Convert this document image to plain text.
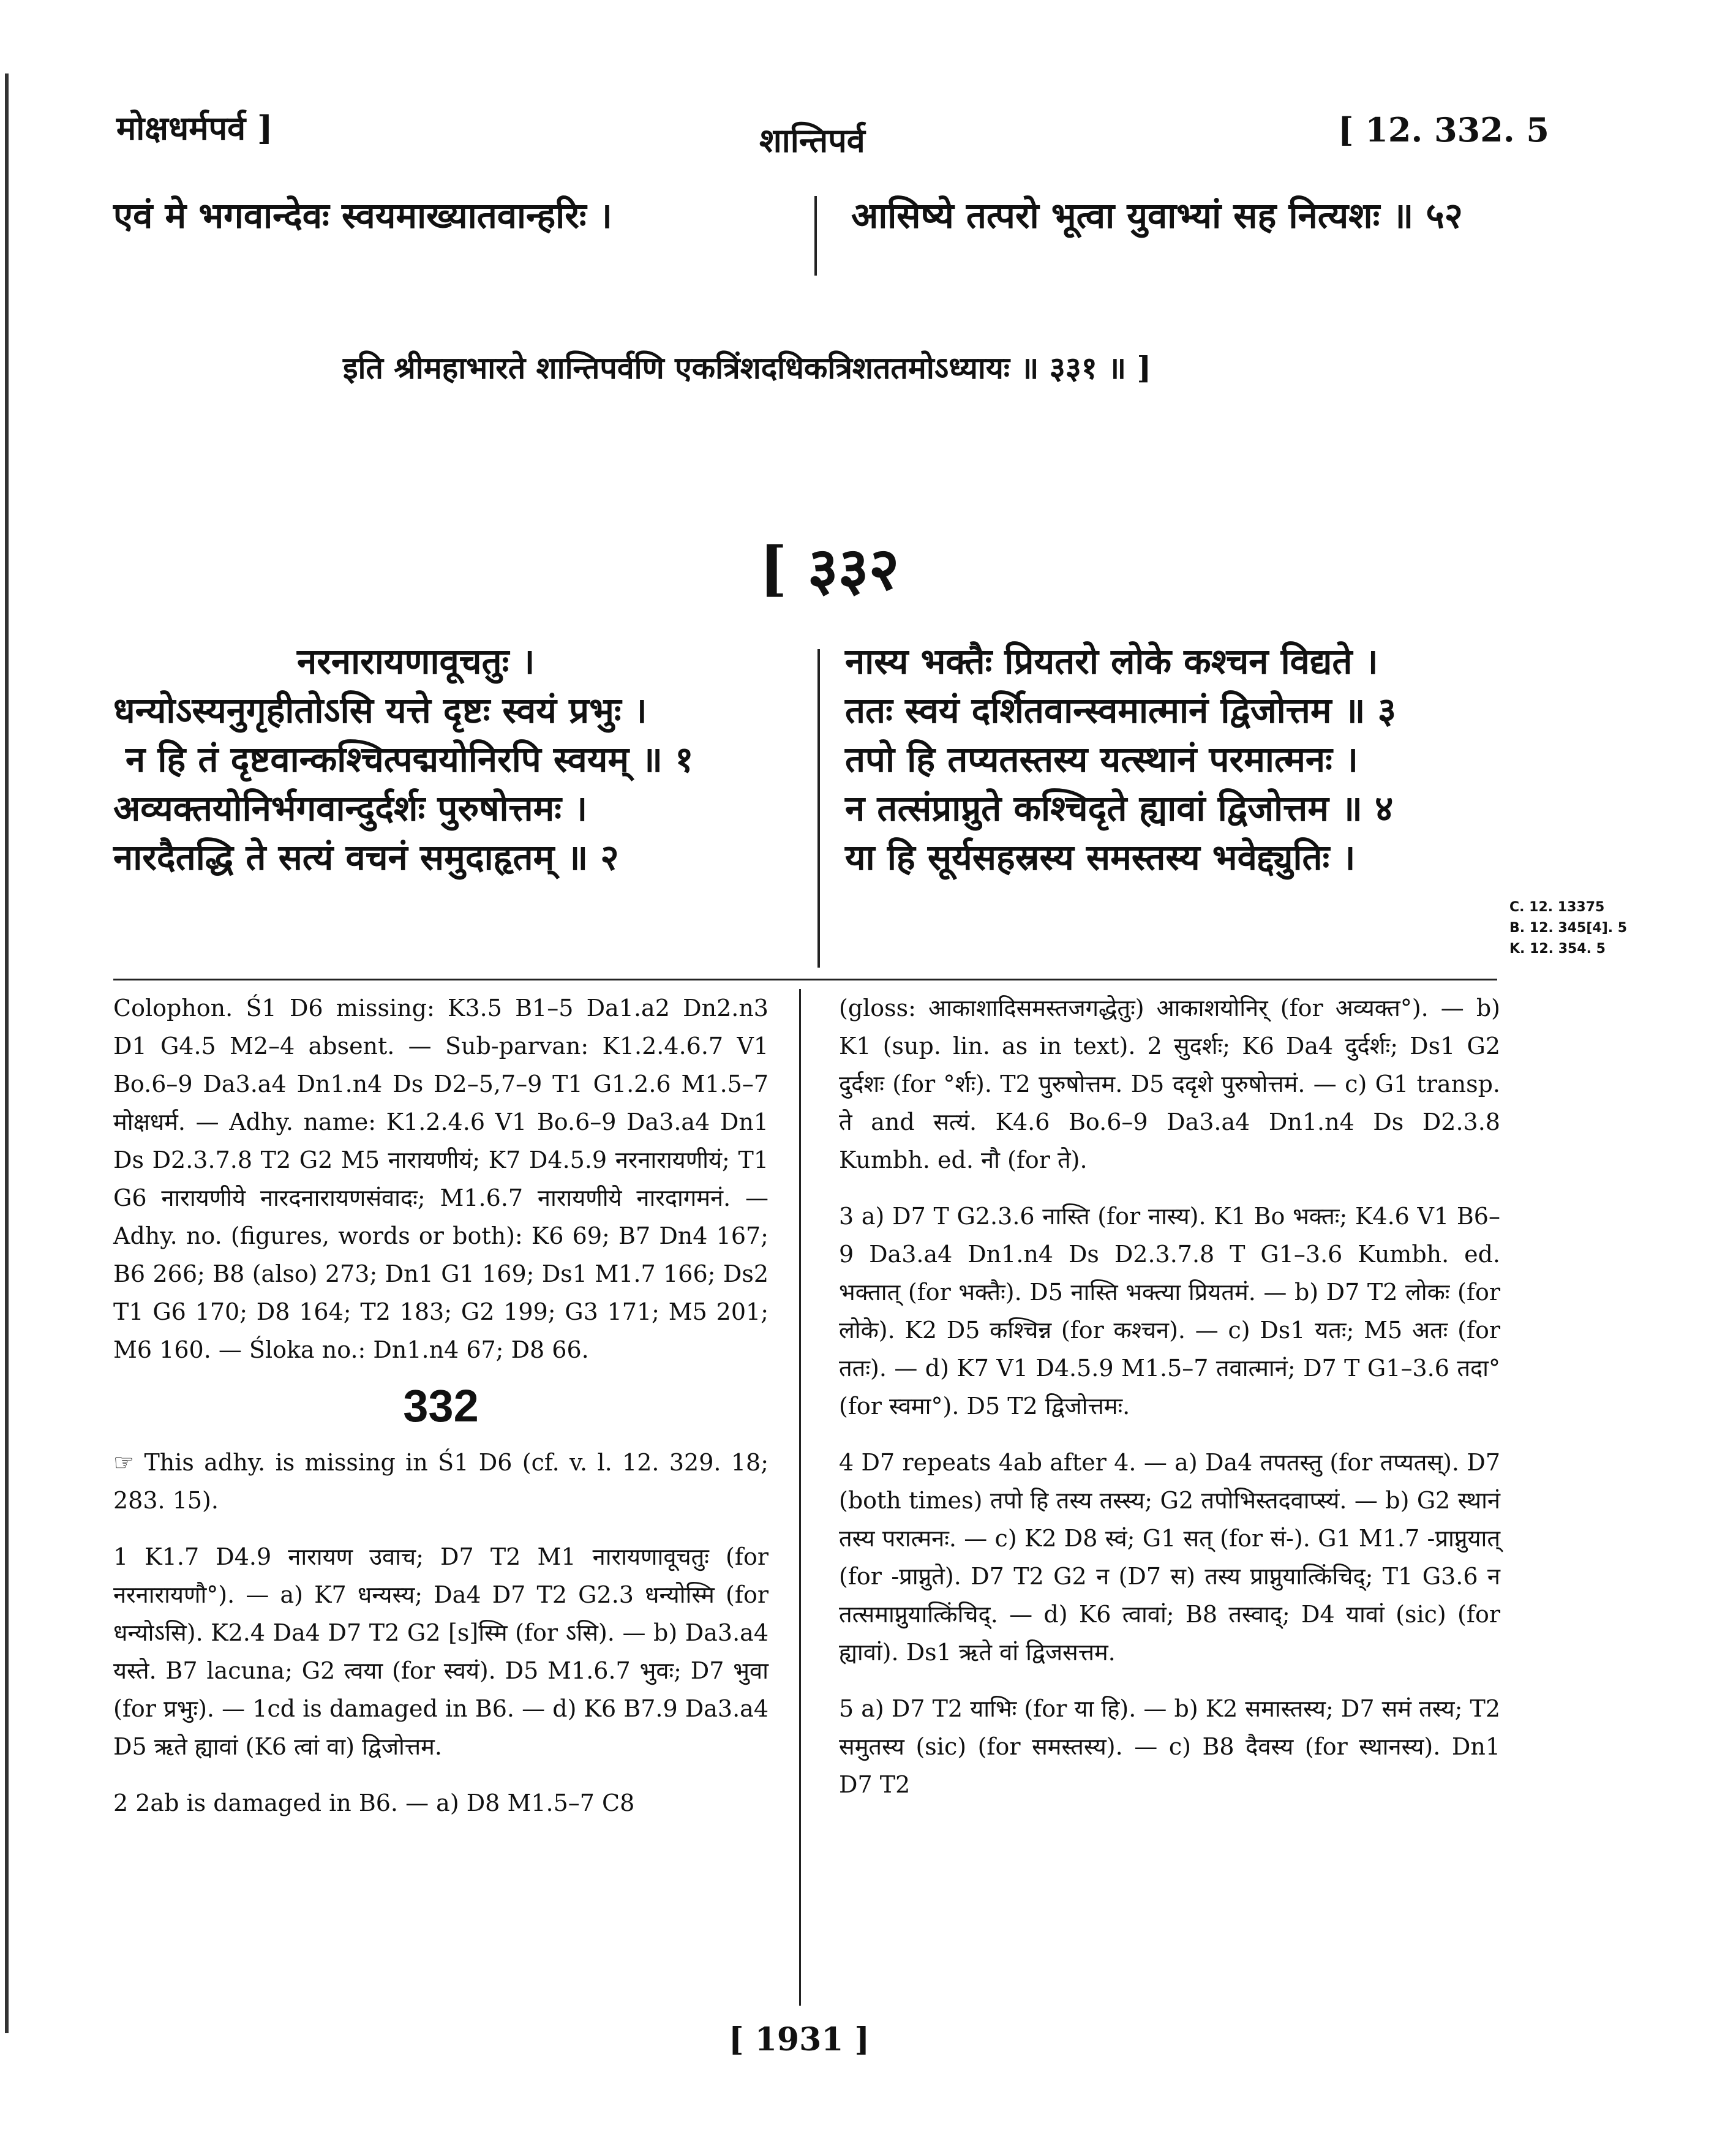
मोक्षधर्मपर्व ]	शान्तिपर्व	[ 12. 332. 5
एवं मे भगवान्देवः स्वयमाख्यातवान्हरिः ।	आसिष्ये तत्परो भूत्वा युवाभ्यां सह नित्यशः ॥ ५२
इति श्रीमहाभारते शान्तिपर्वणि एकत्रिंशदधिकत्रिशततमोऽध्यायः ॥ ३३१ ॥ ]
[ ३३२
नरनारायणावूचतुः ।
धन्योऽस्यनुगृहीतोऽसि यत्ते दृष्टः स्वयं प्रभुः ।
न हि तं दृष्टवान्कश्चित्पद्मयोनिरपि स्वयम् ॥ १
अव्यक्तयोनिर्भगवान्दुर्दर्शः पुरुषोत्तमः ।
नारदैतद्धि ते सत्यं वचनं समुदाहृतम् ॥ २
नास्य भक्तैः प्रियतरो लोके कश्चन विद्यते ।
ततः स्वयं दर्शितवान्स्वमात्मानं द्विजोत्तम ॥ ३
तपो हि तप्यतस्तस्य यत्स्थानं परमात्मनः ।
न तत्संप्राप्नुते कश्चिदृते ह्यावां द्विजोत्तम ॥ ४
या हि सूर्यसहस्रस्य समस्तस्य भवेद्द्युतिः ।
C. 12. 13375
B. 12. 345[4]. 5
K. 12. 354. 5

Colophon. Ś1 D6 missing: K3.5 B1–5 Da1.a2 Dn2.n3 D1 G4.5 M2–4 absent. — Sub-parvan: K1.2.4.6.7 V1 Bo.6–9 Da3.a4 Dn1.n4 Ds D2–5,7–9 T1 G1.2.6 M1.5–7 मोक्षधर्म. — Adhy. name: K1.2.4.6 V1 Bo.6–9 Da3.a4 Dn1 Ds D2.3.7.8 T2 G2 M5 नारायणीयं; K7 D4.5.9 नरनारायणीयं; T1 G6 नारायणीये नारदनारायणसंवादः; M1.6.7 नारायणीये नारदागमनं. — Adhy. no. (figures, words or both): K6 69; B7 Dn4 167; B6 266; B8 (also) 273; Dn1 G1 169; Ds1 M1.7 166; Ds2 T1 G6 170; D8 164; T2 183; G2 199; G3 171; M5 201; M6 160. — Śloka no.: Dn1.n4 67; D8 66.

332

☞ This adhy. is missing in Ś1 D6 (cf. v. l. 12. 329. 18; 283. 15).

1 K1.7 D4.9 नारायण उवाच; D7 T2 M1 नारायणावूचतुः (for नरनारायणौ°). — a) K7 धन्यस्य; Da4 D7 T2 G2.3 धन्योस्मि (for धन्योऽसि). K2.4 Da4 D7 T2 G2 [s]स्मि (for ऽसि). — b) Da3.a4 यस्ते. B7 lacuna; G2 त्वया (for स्वयं). D5 M1.6.7 भुवः; D7 भुवा (for प्रभुः). — 1cd is damaged in B6. — d) K6 B7.9 Da3.a4 D5 ऋते ह्यावां (K6 त्वां वा) द्विजोत्तम.

2 2ab is damaged in B6. — a) D8 M1.5–7 C8

(gloss: आकाशादिसमस्तजगद्धेतुः) आकाशयोनिर् (for अव्यक्त°). — b) K1 (sup. lin. as in text). 2 सुदर्शः; K6 Da4 दुर्दर्शः; Ds1 G2 दुर्दशः (for °र्शः). T2 पुरुषोत्तम. D5 ददृशे पुरुषोत्तमं. — c) G1 transp. ते and सत्यं. K4.6 Bo.6–9 Da3.a4 Dn1.n4 Ds D2.3.8 Kumbh. ed. नौ (for ते).

3 a) D7 T G2.3.6 नास्ति (for नास्य). K1 Bo भक्तः; K4.6 V1 B6–9 Da3.a4 Dn1.n4 Ds D2.3.7.8 T G1–3.6 Kumbh. ed. भक्तात् (for भक्तैः). D5 नास्ति भक्त्या प्रियतमं. — b) D7 T2 लोकः (for लोके). K2 D5 कश्चिन्न (for कश्चन). — c) Ds1 यतः; M5 अतः (for ततः). — d) K7 V1 D4.5.9 M1.5–7 तवात्मानं; D7 T G1–3.6 तदा° (for स्वमा°). D5 T2 द्विजोत्तमः.

4 D7 repeats 4ab after 4. — a) Da4 तपतस्तु (for तप्यतस्). D7 (both times) तपो हि तस्य तस्स्य; G2 तपोभिस्तदवाप्स्यं. — b) G2 स्थानं तस्य परात्मनः. — c) K2 D8 स्वं; G1 सत् (for सं-). G1 M1.7 -प्राप्नुयात् (for -प्राप्नुते). D7 T2 G2 न (D7 स) तस्य प्राप्नुयात्किंचिद्; T1 G3.6 न तत्समाप्नुयात्किंचिद्. — d) K6 त्वावां; B8 तस्वाद्; D4 यावां (sic) (for ह्यावां). Ds1 ऋते वां द्विजसत्तम.

5 a) D7 T2 याभिः (for या हि). — b) K2 समास्तस्य; D7 समं तस्य; T2 समुतस्य (sic) (for समस्तस्य). — c) B8 दैवस्य (for स्थानस्य). Dn1 D7 T2

[ 1931 ]
